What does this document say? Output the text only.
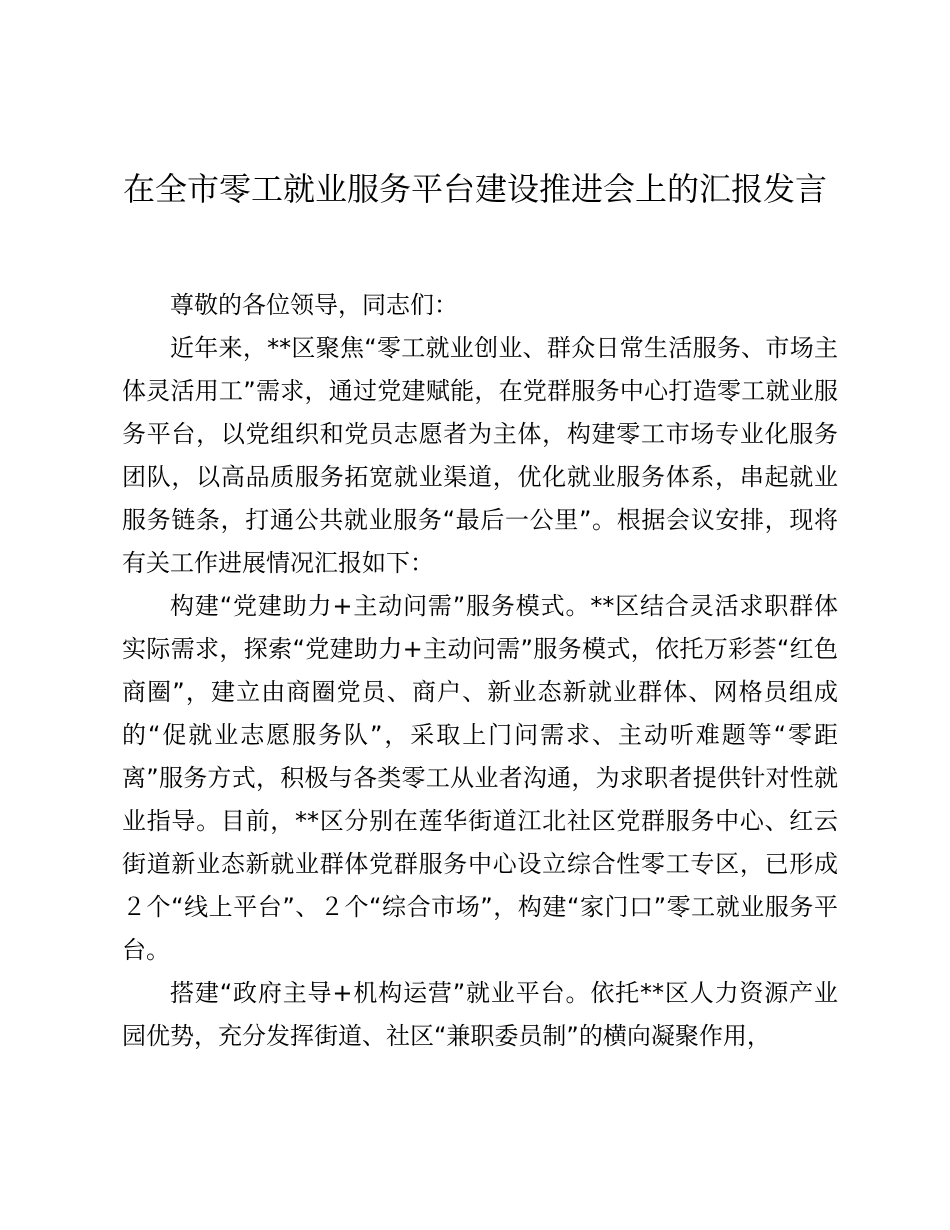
在全市零工就业服务平台建设推进会上的汇报发言

尊敬的各位领导，同志们：

近年来，**区聚焦“零工就业创业、群众日常生活服务、市场主体灵活用工”需求，通过党建赋能，在党群服务中心打造零工就业服务平台，以党组织和党员志愿者为主体，构建零工市场专业化服务团队，以高品质服务拓宽就业渠道，优化就业服务体系，串起就业服务链条，打通公共就业服务“最后一公里”。根据会议安排，现将有关工作进展情况汇报如下：

构建“党建助力+主动问需”服务模式。**区结合灵活求职群体实际需求，探索“党建助力+主动问需”服务模式，依托万彩荟“红色商圈”，建立由商圈党员、商户、新业态新就业群体、网格员组成的“促就业志愿服务队”，采取上门问需求、主动听难题等“零距离”服务方式，积极与各类零工从业者沟通，为求职者提供针对性就业指导。目前，**区分别在莲华街道江北社区党群服务中心、红云街道新业态新就业群体党群服务中心设立综合性零工专区，已形成２个“线上平台”、２个“综合市场”，构建“家门口”零工就业服务平台。

搭建“政府主导+机构运营”就业平台。依托**区人力资源产业园优势，充分发挥街道、社区“兼职委员制”的横向凝聚作用，
